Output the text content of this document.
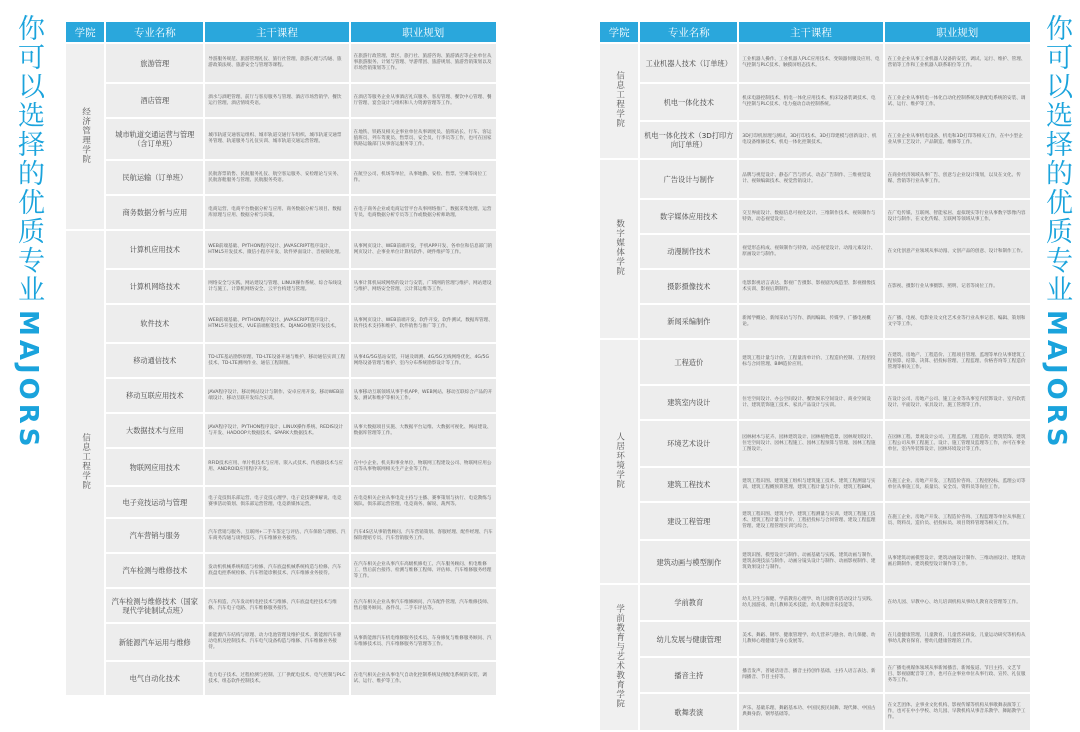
你可以选择的优质专业
MAJORS
学院	专业名称	主干课程	职业规划
经济管理学院	旅游管理	导游服务规范、旅游管理礼仪、旅行社管理、旅游心理与沟通、旅游政策法规、旅游安全与管理等课程。	在旅游行政管理、景区、旅行社、旅游咨询、旅游酒店等企业单位从事旅游服务、计划与管理、导游带团、旅游规划、旅游营销策划以及市场营销策划等工作。
	酒店管理	酒水与酒吧管理、前厅与客房服务与管理、酒店市场营销学、餐饮运行管理、酒店情境英语。	在酒店等服务企业从事酒店礼宾服务、客房管理、餐饮中心管理、餐厅管理、宴会设计与组织和人力资源管理等工作。
	城市轨道交通运营与管理（含订单班）	城市轨道交通客运组织、城市轨道交通行车组织、城市轨道交通票务管理、轨道服务与礼仪实训、城市轨道交通运营管理。	在地铁、铁路及相关企事业单位从事调度员、值班站长、行车、客运值班员、列车驾驶员、售票员、安全员、行李员等工作，也可在国家铁路运输部门从事客运服务等工作。
	民航运输（订单班）	民航客票销售、民航服务礼仪、航空客运服务、安检理论与实务、民航客舱服务与管理、民航服务英语。	在航空公司、机场等单位，从事地勤、安检、售票、空乘等岗位工作。
	商务数据分析与应用	电商运营、电商平台数据分析与应用、商务数据分析与项目、数据库原理与应用、数据分析与决策。	在电子商务企业或电商运营平台从事网络推广、数据采集处理、运营专员、电商数据分析专员等工作或数据分析师助理。
信息工程学院	计算机应用技术	WEB前端基础、PYTHON程序设计、JAVASCRIPT程序设计、HTML5开发技术、微信小程序开发、软件界面设计、音视频处理。	从事网页设计、WEB前端开发、手机APP开发、各单位和信息部门的网页设计、企事业单位计算机软件、硬件维护等工作。
	计算机网络技术	网络安全与实践、网站建设与管理、LINUX操作系统、综合布线设计与施工、计算机网络安全、云平台构建与管理。	从事计算机局域网络的设计与安装、广域网的管理与维护、网站建设与维护、网络安全管理、云计算运维等工作。
	软件技术	WEB前端基础、PYTHON程序设计、JAVASCRIPT程序设计、HTML5开发技术、VUE前端框架技术、DJANGO框架开发技术。	从事网页设计、WEB前端开发、软件开发、软件测试、数据库管理、软件技术支持和维护、软件销售与推广等工作。
	移动通信技术	TD-LTE基站勘察原理、TD-LTE设备开通与维护、移动通信实训工程技术、TD-LTE测网作业、通信工程制图。	从事4G/5G基站安装、开通及调测、4G/5G无线网络优化、4G/5G网络设备管理与维护、室内分布系统勘察设计等工作。
	移动互联应用技术	JAVA程序设计、移动网站设计与制作、安卓应用开发、移动WEB前端设计、移动互联开发综合实训。	从事移动互联领域从事手机APP、WEB网站、移动互联综合产品的开发、测试和维护等相关工作。
	大数据技术与应用	JAVA程序设计、PYTHON程序设计、LINUX操作系统、REDIS设计与开发、HADOOP大数据技术、SPARK大数据技术。	从事大数据项目实施、大数据平台运维、大数据可视化、网站建设、数据库管理等工作。
	物联网应用技术	RFID技术应用、单片机技术与应用、嵌入式技术、传感器技术与应用、ANDROID应用程序开发。	在中小企业、机关和事业单位，物联网工程建设公司、物联网应用公司等从事物联网相关生产企业等工作。
	电子竞技运动与管理	电子竞技俱乐部运营、电子竞技心理学、电子竞技赛事解说、电竞赛事活动策划、俱乐部运营管理、电竞新媒体运营。	在电竞相关企业从事电竞主持与主播、赛事策划与执行、电竞教练与领队、俱乐部运营管理、电竞商务、解说、裁判等。
	汽车营销与服务	汽车营销与服务、互联网+二手车鉴定与评估、汽车保险与理赔、汽车商务沟通与谈判技巧、汽车维修业务接待。	汽车4S店从事销售顾问、汽车营销策划、客服经理、配件经理、汽车保险理赔专员、汽车营销服务工作。
	汽车检测与维修技术	发动机机械系统构造与检修、汽车底盘机械系统构造与检修、汽车底盘电控系统检修、汽车智能诊断技术、汽车维修业务接待。	在汽车相关企业从事汽车高级机修电工、汽车服务顾问、机电维修工、售后前台接待、检测与维修工程师、评估师、汽车维修服务经理等工作。
	汽车检测与维修技术（国家现代学徒制试点班）	汽车构造、汽车发动机电控技术与维修、汽车底盘电控技术与维修、汽车电子电路、汽车维修服务接待。	在汽车相关企业从事汽车维修顾问、汽车配件管理、汽车维修技师、售后服务顾问、备件员、二手车评估等。
	新能源汽车运用与维修	新能源汽车结构与原理、动力电池管理及维护技术、新能源汽车驱动电机及控制技术、汽车电气设备构造与维修、汽车维修业务接待。	从事新能源汽车机电维修服务技术员、车身修复与维修服务顾问、汽车维修技术员、汽车维修服务与管理等工作。
	电气自动化技术	电力电子技术、过程检测与控制、工厂供配电技术、电气控制与PLC技术、组态软件控制技术。	在电气相关企业从事电气自动化控制系统及供配电系统的安装、调试、运行、维护等工作。
学院	专业名称	主干课程	职业规划
信息工程学院	工业机器人技术（订单班）	工业机器人操作、工业机器人PLC应用技术、变频器伺服及应用、电气控制与PLC技术、触摸屏组态技术。	在工业企业从事工业机器人设备的安装、调试、运行、维护、管理、营销等工作和工业机器人联系职位等工作。
	机电一体化技术	机床电器控制技术、机电一体化应用技术、机床设备装调技术、电气控制与PLC技术、电力拖动自动控制系统。	在工业企业从事机电一体化自动化控制系统及供配电系统的安装、调试、运行、维护等工作。
	机电一体化技术（3D打印方向订单班）	3D打印机原理与测试、3D打印技术、3D打印建模与创新设计、机电设备维修技术、机电一体化控制技术。	在工业企业从事机电设备、机电和3D打印等相关工作，在中小型企业从事工艺设计、产品制造、维修等工作。
数字媒体学院	广告设计与制作	品牌与视觉设计、静态广告与形式、动态广告制作、三维视觉设计、视频编辑技术、视觉营销设计。	在商业经济领域从事广告、创意与企业设计策划，以及在文化、传媒、营销等行业从事工作。
	数字媒体应用技术	交互界面设计、数据信息可视化设计、三维制作技术、视频制作与特效、动态视觉设计。	在广电传媒、互联网、智能家居、虚拟现实等行业从事数字影像内容设计与制作、在文化传媒、互联网等领域从事工作。
	动漫制作技术	视觉形态构成、视频制作与特效、动态视觉设计、动漫元素设计、原画设计与制作。	在文化创意产业领域从事动漫、文创产品的创意、设计和制作工作。
	摄影摄像技术	电影影视语言表达、影视广告摄影、影视剧光线造型、影视摄像技术实训、影视后期制作。	在影视、摄影行业从事摄影、照明、记者等岗位工作。
	新闻采编制作	新闻学概论、新闻采访与写作、新闻编辑、传媒学、广播电视概论。	在广播、电视、电影业及文化艺术业等行业从事记者、编辑、策划和文字等工作。
人居环境学院	工程造价	建筑工程计量与计价、工程量清单计价、工程造价控制、工程招投标与合同管理、BIM造价应用。	在建筑、房地产、工程造价、工程项目管理、监理等单位从事建筑工程预算、结算、决算、招投标管理、工程监理、价格咨询等工程造价管理等相关工作。
	建筑室内设计	住宅空间设计、办公空间设计、餐饮娱乐空间设计、商业空间设计、建筑装饰施工技术、家具产品设计与实训。	在设计公司、房地产公司、施工企业等从事室内装饰设计、室内软装设计、平面设计、家具设计、施工管理等工作。
	环境艺术设计	园林树木与花卉、园林建筑设计、园林植物造景、园林规划设计、住宅空间设计、园林工程施工、园林工程预算与管理、园林工程施工图设计。	在园林工程、景观设计公司、工程监理、工程造价、建筑装饰、建筑工程公司从事工程施工、设计、施工管理及监理等工作，亦可在事业单位、室内外装饰设计、园林环境设计等工作。
	建筑工程技术	建筑工程识图、建筑施工组织与建筑施工技术、建筑工程测量与实训、建筑工程概预算管理、建筑工程计量与计价、建筑工程BIM。	在施工企业、房地产开发、工程造价咨询、工程招投标、监理公司等单位从事施工员、质量员、安全员、资料员等岗位工作。
	建设工程管理	建筑工程识图、建筑力学、建筑工程测量与实训、建筑工程施工技术、建筑工程计量与计价、工程招投标与合同管理、建设工程监理管理、建设工程管理实训与综合。	在施工企业、房地产开发、工程造价咨询、工程监理等单位从事施工员、资料员、造价员、招投标员、项目资料管理等相关工作。
	建筑动画与模型制作	建筑识图、模型设计与制作、动画基础与实践、建筑动画与制作、建筑表现技法与制作、动画分镜头设计与制作、动画影视制作、建筑效果设计与制作。	从事建筑动画模型设计、建筑动画设计制作、三维动画设计、建筑动画后期制作、建筑模型设计制作等工作。
学前教育与艺术教育学院	学前教育	幼儿卫生与保健、学前教育心理学、幼儿园教育活动设计与实践、幼儿园游戏、幼儿教师美术技能、幼儿教师音乐技能等。	在幼儿园、早教中心、幼儿培训机构从事幼儿教育及管理等工作。
	幼儿发展与健康管理	美术、舞蹈、钢琴、健康管理学、幼儿营养与膳食、幼儿保健、幼儿教师心理健康与身心发展等。	在儿童健康管理、儿童教育、儿童营养研发、儿童运动研究等机构从事幼儿教育保育、婴幼儿健康管理的工作。
	播音主持	播音发声、普通话语音、播音主持创作基础、主持人语言表达、新闻播音、节目主持等。	在广播电视媒体领域从事新闻播音、新闻报道、节目主持、文艺节目、影视剧配音等工作，也可在企事业单位从事行政、宣传、礼仪服务等工作。
	歌舞表演	声乐、基础乐理、舞蹈基本功、中国民族民间舞、现代舞、中国古典舞身韵、钢琴基础等。	在文艺团体、企事业文化机构、影视传媒等机构从事歌舞表演等工作，也可在中小学校、幼儿园、早教机构从事音乐教学、舞蹈教学工作。
你可以选择的优质专业
MAJORS
